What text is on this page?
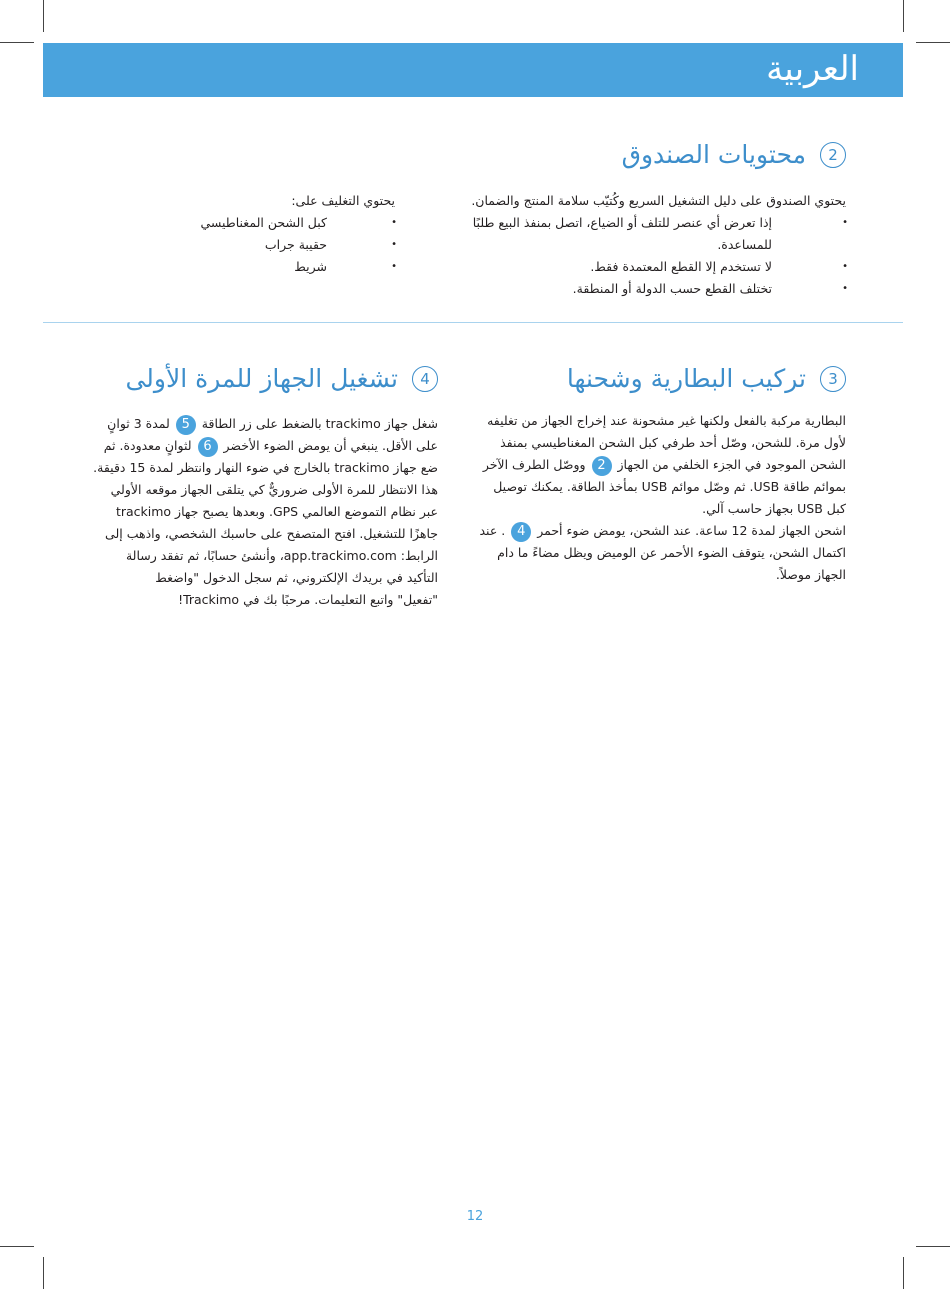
العربية
2
محتويات الصندوق

يحتوي الصندوق على دليل التشغيل السريع وكُتيّب سلامة المنتج والضمان.

•
إذا تعرض أي عنصر للتلف أو الضياع، اتصل بمنفذ البيع طلبًا للمساعدة.
•
لا تستخدم إلا القطع المعتمدة فقط.
•
تختلف القطع حسب الدولة أو المنطقة.

يحتوي التغليف على:

•
كبل الشحن المغناطيسي
•
حقيبة جراب
•
شريط
3
تركيب البطارية وشحنها

البطارية مركبة بالفعل ولكنها غير مشحونة عند إخراج الجهاز من تغليفه لأول مرة. للشحن، وصّل أحد طرفي كبل الشحن المغناطيسي بمنفذ الشحن الموجود في الجزء الخلفي من الجهاز 2 ووصّل الطرف الآخر بموائم طاقة USB. ثم وصّل موائم USB بمأخذ الطاقة. يمكنك توصيل كبل USB بجهاز حاسب آلي.

اشحن الجهاز لمدة 12 ساعة. عند الشحن، يومض ضوء أحمر 4 . عند اكتمال الشحن، يتوقف الضوء الأحمر عن الوميض ويظل مضاءً ما دام الجهاز موصلاً.

4
تشغيل الجهاز للمرة الأولى

شغل جهاز trackimo بالضغط على زر الطاقة 5 لمدة 3 ثوانٍ على الأقل. ينبغي أن يومض الضوء الأخضر 6 لثوانٍ معدودة. ثم ضع جهاز trackimo بالخارج في ضوء النهار وانتظر لمدة 15 دقيقة. هذا الانتظار للمرة الأولى ضروريٌّ كي يتلقى الجهاز موقعه الأولي عبر نظام التموضع العالمي GPS. وبعدها يصبح جهاز trackimo جاهزًا للتشغيل. افتح المتصفح على حاسبك الشخصي، واذهب إلى الرابط: app.trackimo.com، وأنشئ حسابًا، ثم تفقد رسالة التأكيد في بريدك الإلكتروني، ثم سجل الدخول "واضغط

"تفعيل" واتبع التعليمات. مرحبًا بك في Trackimo!

12
